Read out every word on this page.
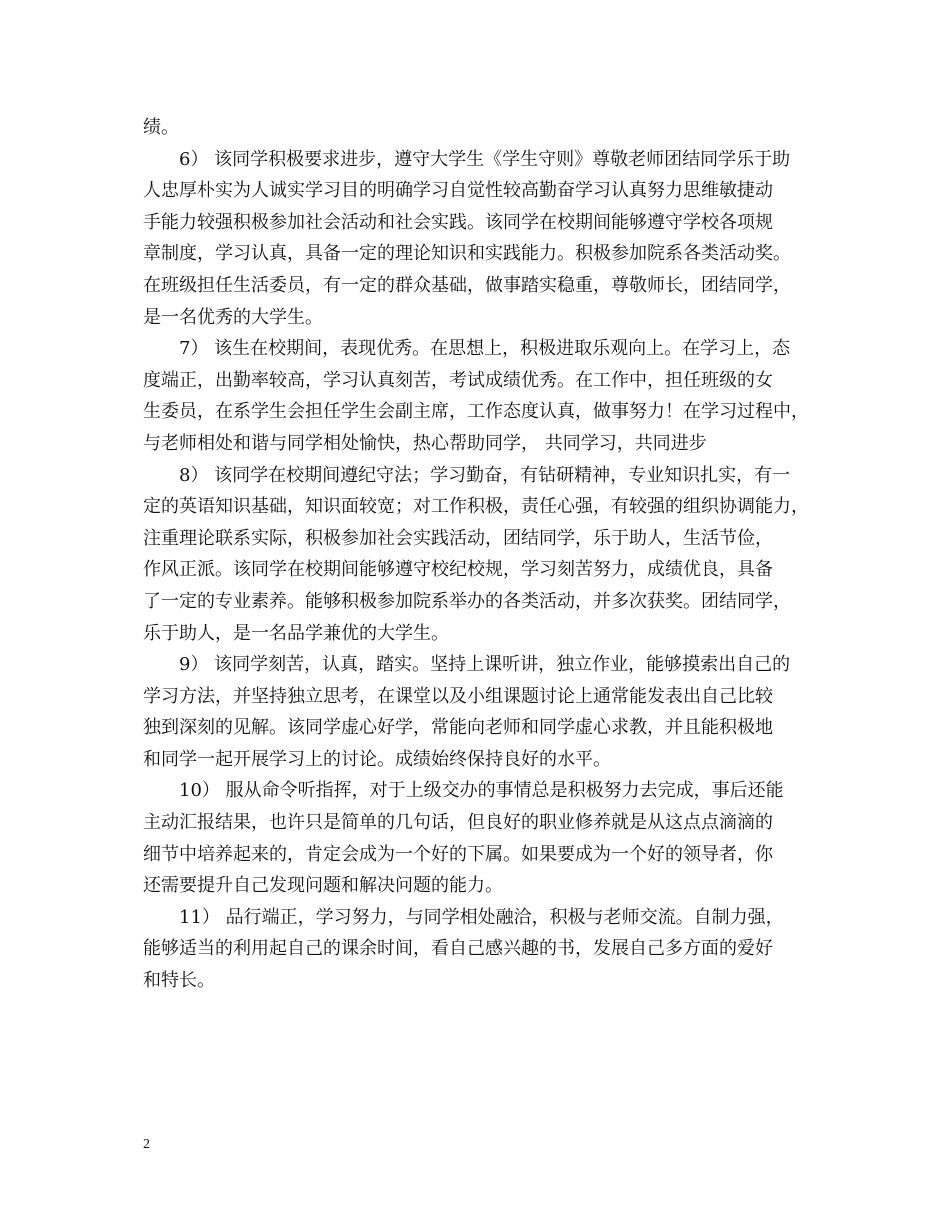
绩。
6） 该同学积极要求进步，遵守大学生《学生守则》尊敬老师团结同学乐于助
人忠厚朴实为人诚实学习目的明确学习自觉性较高勤奋学习认真努力思维敏捷动
手能力较强积极参加社会活动和社会实践。该同学在校期间能够遵守学校各项规
章制度，学习认真，具备一定的理论知识和实践能力。积极参加院系各类活动奖。
在班级担任生活委员，有一定的群众基础，做事踏实稳重，尊敬师长，团结同学，
是一名优秀的大学生。
7） 该生在校期间，表现优秀。在思想上，积极进取乐观向上。在学习上，态
度端正，出勤率较高，学习认真刻苦，考试成绩优秀。在工作中，担任班级的女
生委员，在系学生会担任学生会副主席，工作态度认真，做事努力！在学习过程中，
与老师相处和谐与同学相处愉快，热心帮助同学， 共同学习，共同进步
8） 该同学在校期间遵纪守法；学习勤奋，有钻研精神，专业知识扎实，有一
定的英语知识基础，知识面较宽；对工作积极，责任心强，有较强的组织协调能力，
注重理论联系实际，积极参加社会实践活动，团结同学，乐于助人，生活节俭，
作风正派。该同学在校期间能够遵守校纪校规，学习刻苦努力，成绩优良，具备
了一定的专业素养。能够积极参加院系举办的各类活动，并多次获奖。团结同学，
乐于助人，是一名品学兼优的大学生。
9） 该同学刻苦，认真，踏实。坚持上课听讲，独立作业，能够摸索出自己的
学习方法，并坚持独立思考，在课堂以及小组课题讨论上通常能发表出自己比较
独到深刻的见解。该同学虚心好学，常能向老师和同学虚心求教，并且能积极地
和同学一起开展学习上的讨论。成绩始终保持良好的水平。
10） 服从命令听指挥，对于上级交办的事情总是积极努力去完成，事后还能
主动汇报结果，也许只是简单的几句话，但良好的职业修养就是从这点点滴滴的
细节中培养起来的，肯定会成为一个好的下属。如果要成为一个好的领导者，你
还需要提升自己发现问题和解决问题的能力。
11） 品行端正，学习努力，与同学相处融洽，积极与老师交流。自制力强，
能够适当的利用起自己的课余时间，看自己感兴趣的书，发展自己多方面的爱好
和特长。
2
